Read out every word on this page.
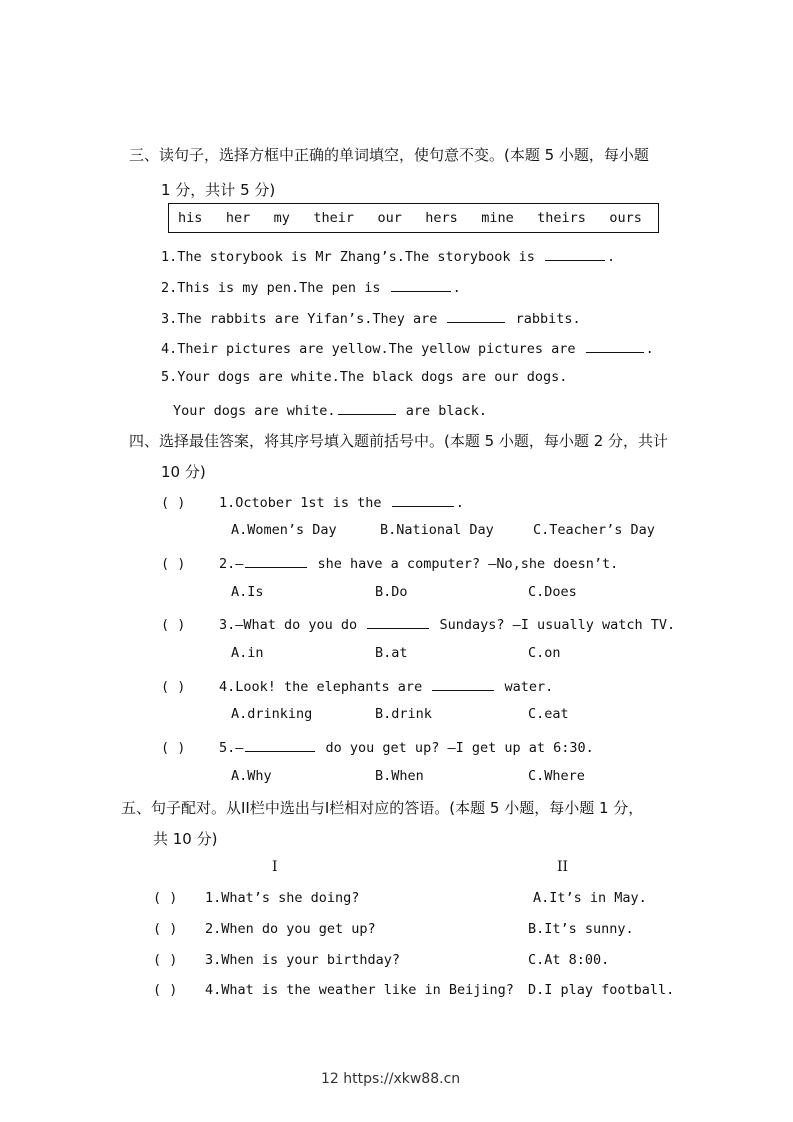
三、读句子，选择方框中正确的单词填空，使句意不变。(本题 5 小题，每小题
1 分，共计 5 分)
his her my their our hers mine theirs ours
1.The storybook is Mr Zhang’s.The storybook is	.
2.This is my pen.The pen is	.
3.The rabbits are Yifan’s.They are	rabbits.
4.Their pictures are yellow.The yellow pictures are	.
5.Your dogs are white.The black dogs are our dogs.
Your dogs are white.	are black.
四、选择最佳答案，将其序号填入题前括号中。(本题 5 小题，每小题 2 分，共计
10 分)
( ) 1.October 1st is the	.
A.Women’s Day	B.National Day	C.Teacher’s Day
( ) 2.—	she have a computer? —No,she doesn’t.
A.Is	B.Do	C.Does
( ) 3.—What do you do	Sundays? —I usually watch TV.
A.in	B.at	C.on
( ) 4.Look! the elephants are	water.
A.drinking	B.drink	C.eat
( ) 5.—	do you get up? —I get up at 6:30.
A.Why	B.When	C.Where
五、句子配对。从II栏中选出与I栏相对应的答语。(本题 5 小题，每小题 1 分，
共 10 分)
I	II
( ) 1.What’s she doing?	A.It’s in May.
( ) 2.When do you get up?	B.It’s sunny.
( ) 3.When is your birthday?	C.At 8:00.
( ) 4.What is the weather like in Beijing? D.I play football.
12 https://xkw88.cn
